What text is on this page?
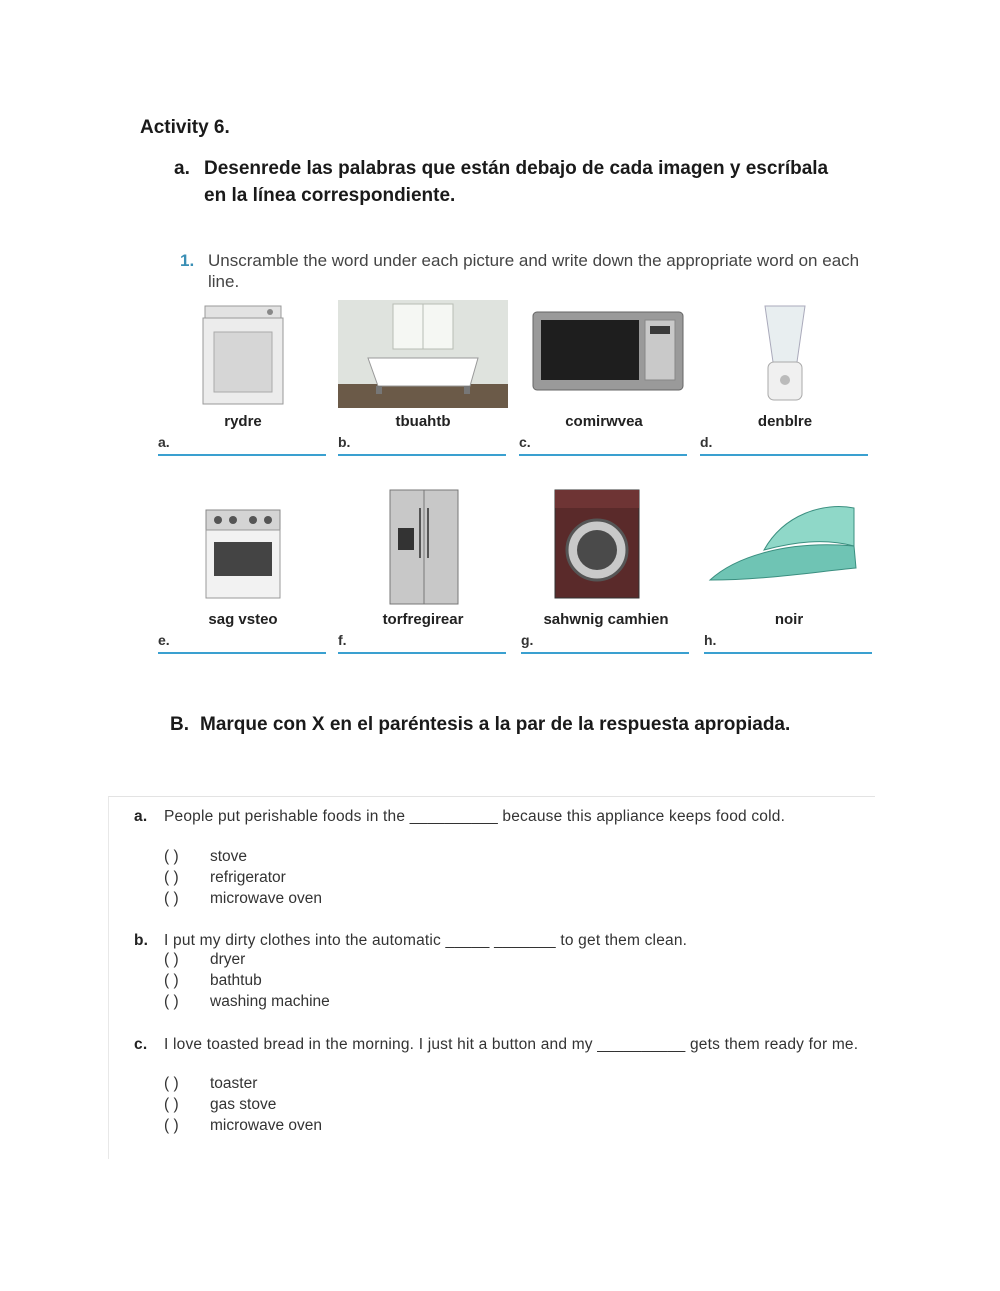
Activity 6.
a. Desenrede las palabras que están debajo de cada imagen y escríbala en la línea correspondiente.
1. Unscramble the word under each picture and write down the appropriate word on each line.
rydre
a.
tbuahtb
b.
comirwvea
c.
denblre
d.
sag vsteo
e.
torfregirear
f.
sahwnig camhien
g.
noir
h.
B. Marque con X en el paréntesis a la par de la respuesta apropiada.
a. People put perishable foods in the __________ because this appliance keeps food cold.
( )	stove
( )	refrigerator
( )	microwave oven
b. I put my dirty clothes into the automatic _____ _______ to get them clean.
( )	dryer
( )	bathtub
( )	washing machine
c. I love toasted bread in the morning. I just hit a button and my __________ gets them ready for me.
( )	toaster
( )	gas stove
( )	microwave oven
